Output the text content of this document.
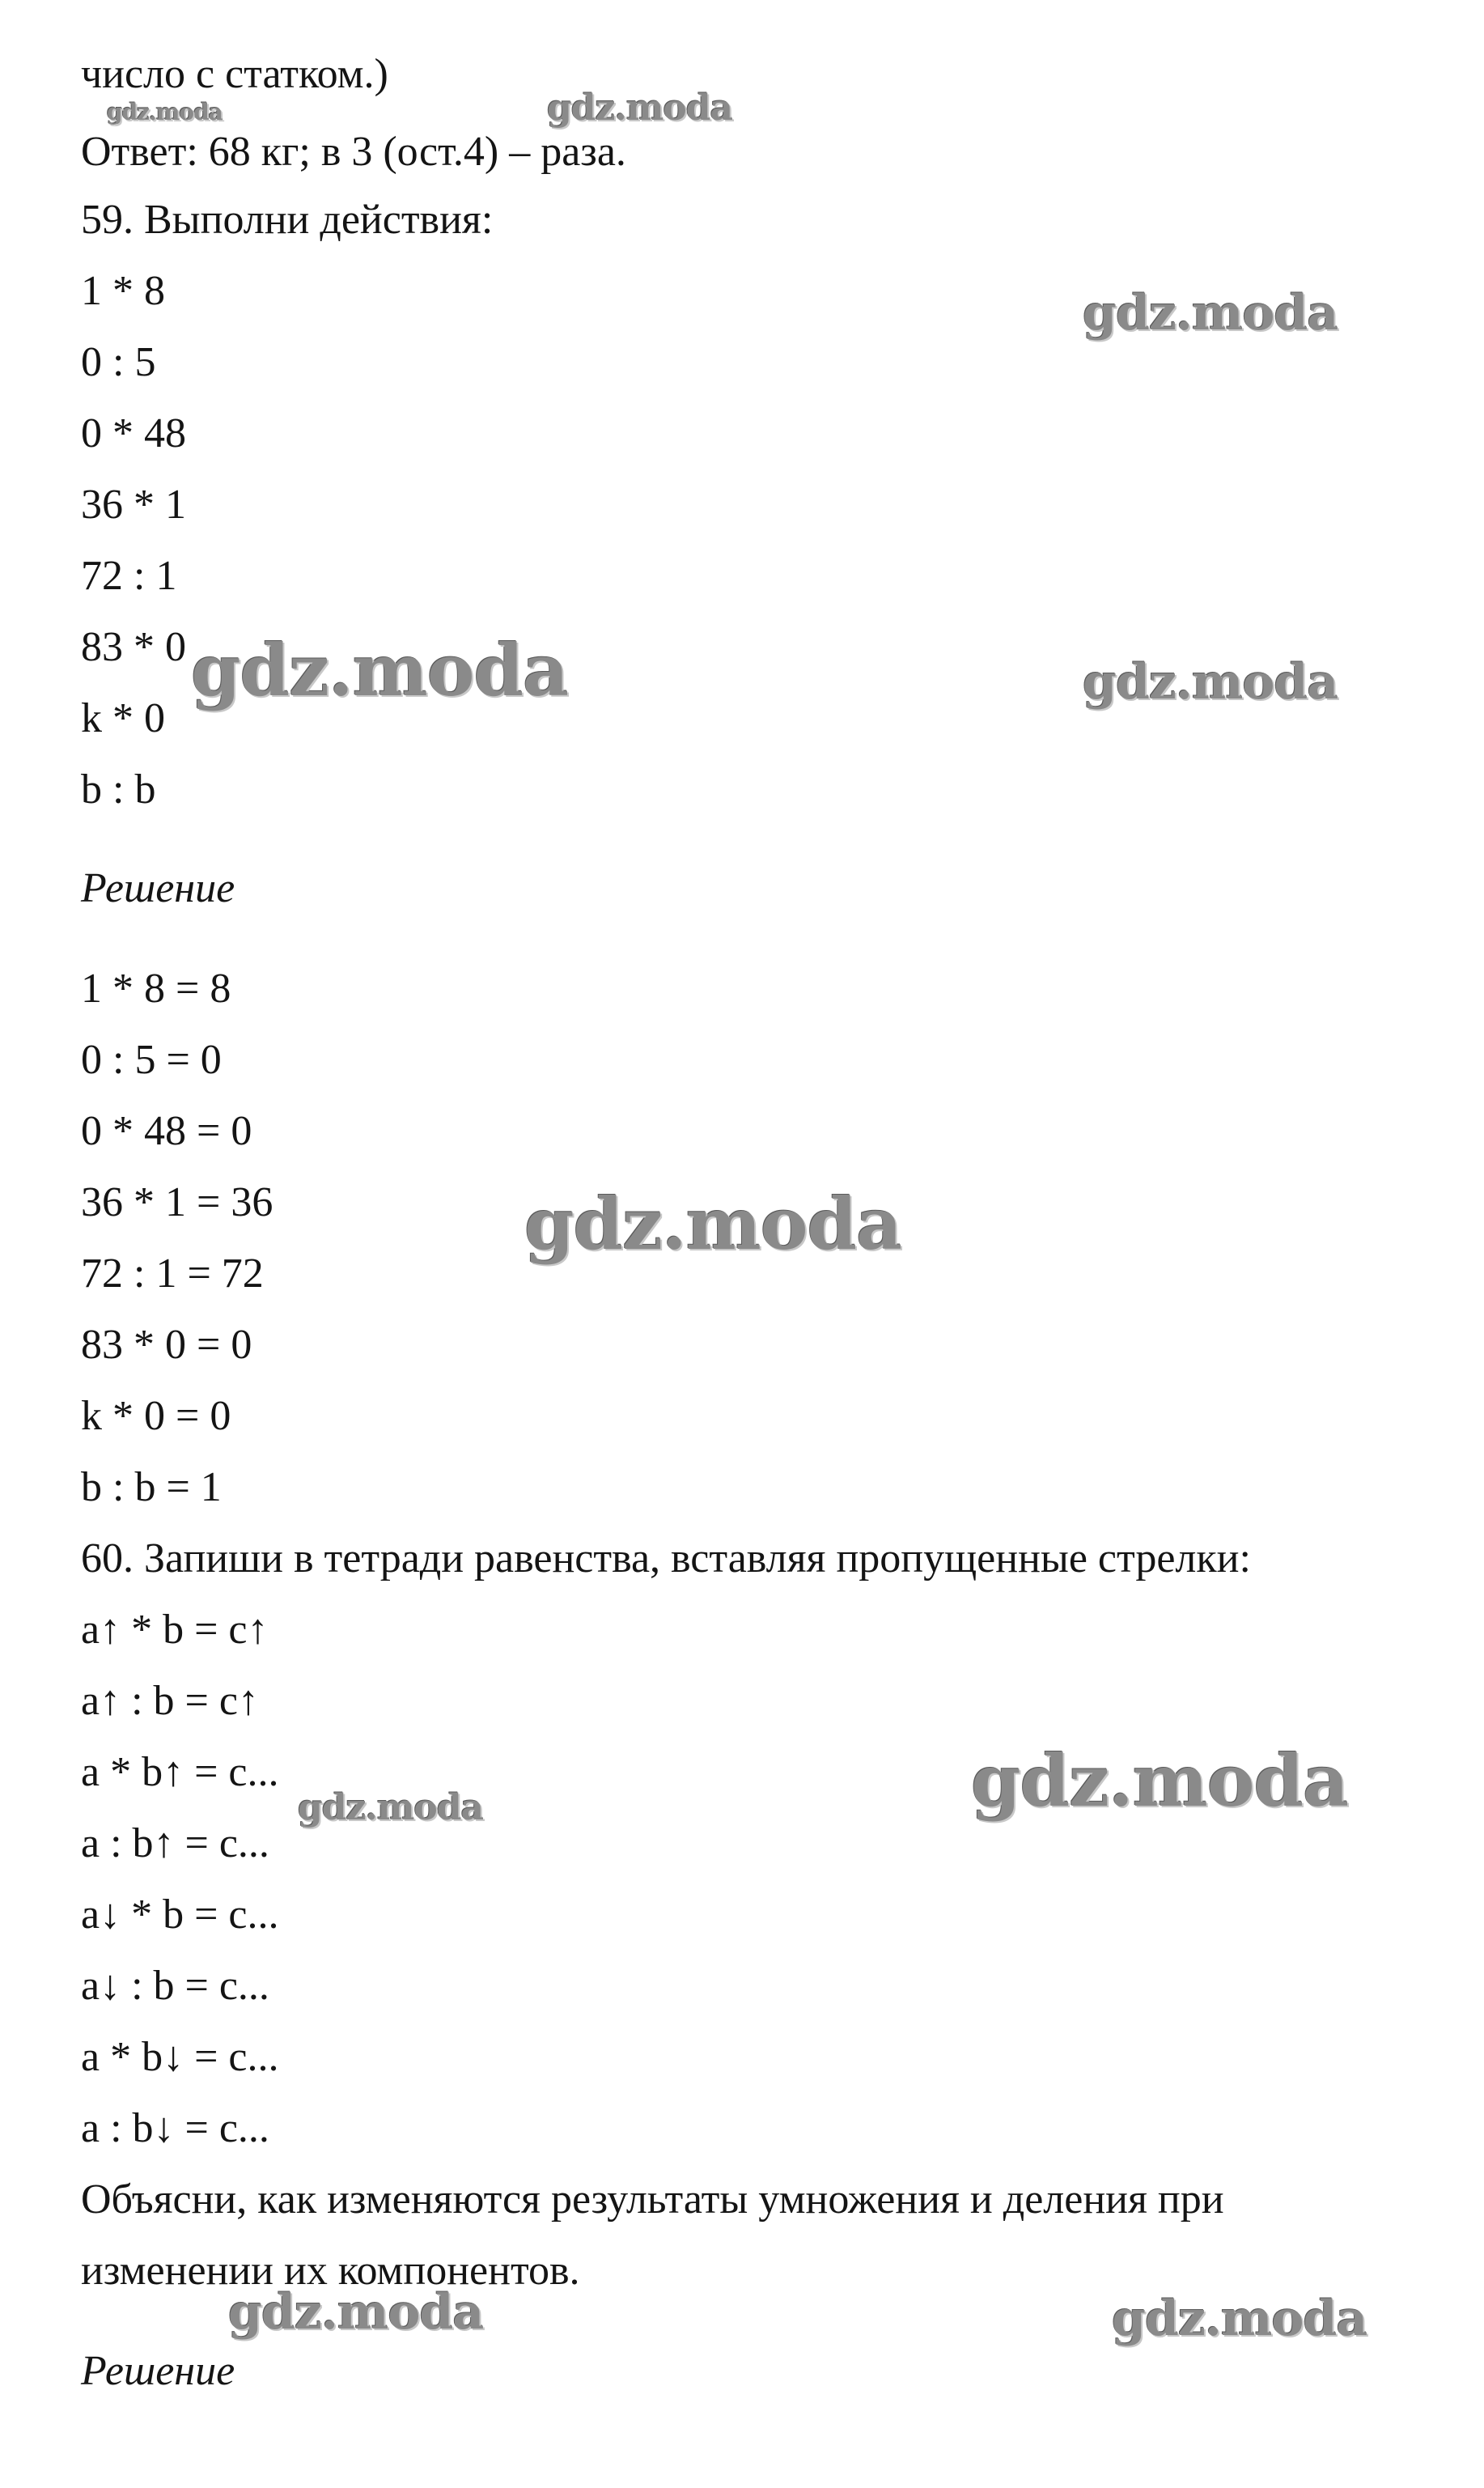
число с статком.)
Ответ: 68 кг; в 3 (ост.4) – раза.
59. Выполни действия:
1 * 8
0 : 5
0 * 48
36 * 1
72 : 1
83 * 0
k * 0
b : b
Решение
1 * 8 = 8
0 : 5 = 0
0 * 48 = 0
36 * 1 = 36
72 : 1 = 72
83 * 0 = 0
k * 0 = 0
b : b = 1
60. Запиши в тетради равенства, вставляя пропущенные стрелки:
a↑ * b = c↑
a↑ : b = c↑
a * b↑ = c...
a : b↑ = c...
a↓ * b = c...
a↓ : b = c...
a * b↓ = c...
a : b↓ = c...
Объясни, как изменяются результаты умножения и деления при
изменении их компонентов.
Решение
gdz.moda	gdz.moda
gdz.moda
gdz.moda	gdz.moda
gdz.moda
gdz.moda
gdz.moda
gdz.moda	gdz.moda
